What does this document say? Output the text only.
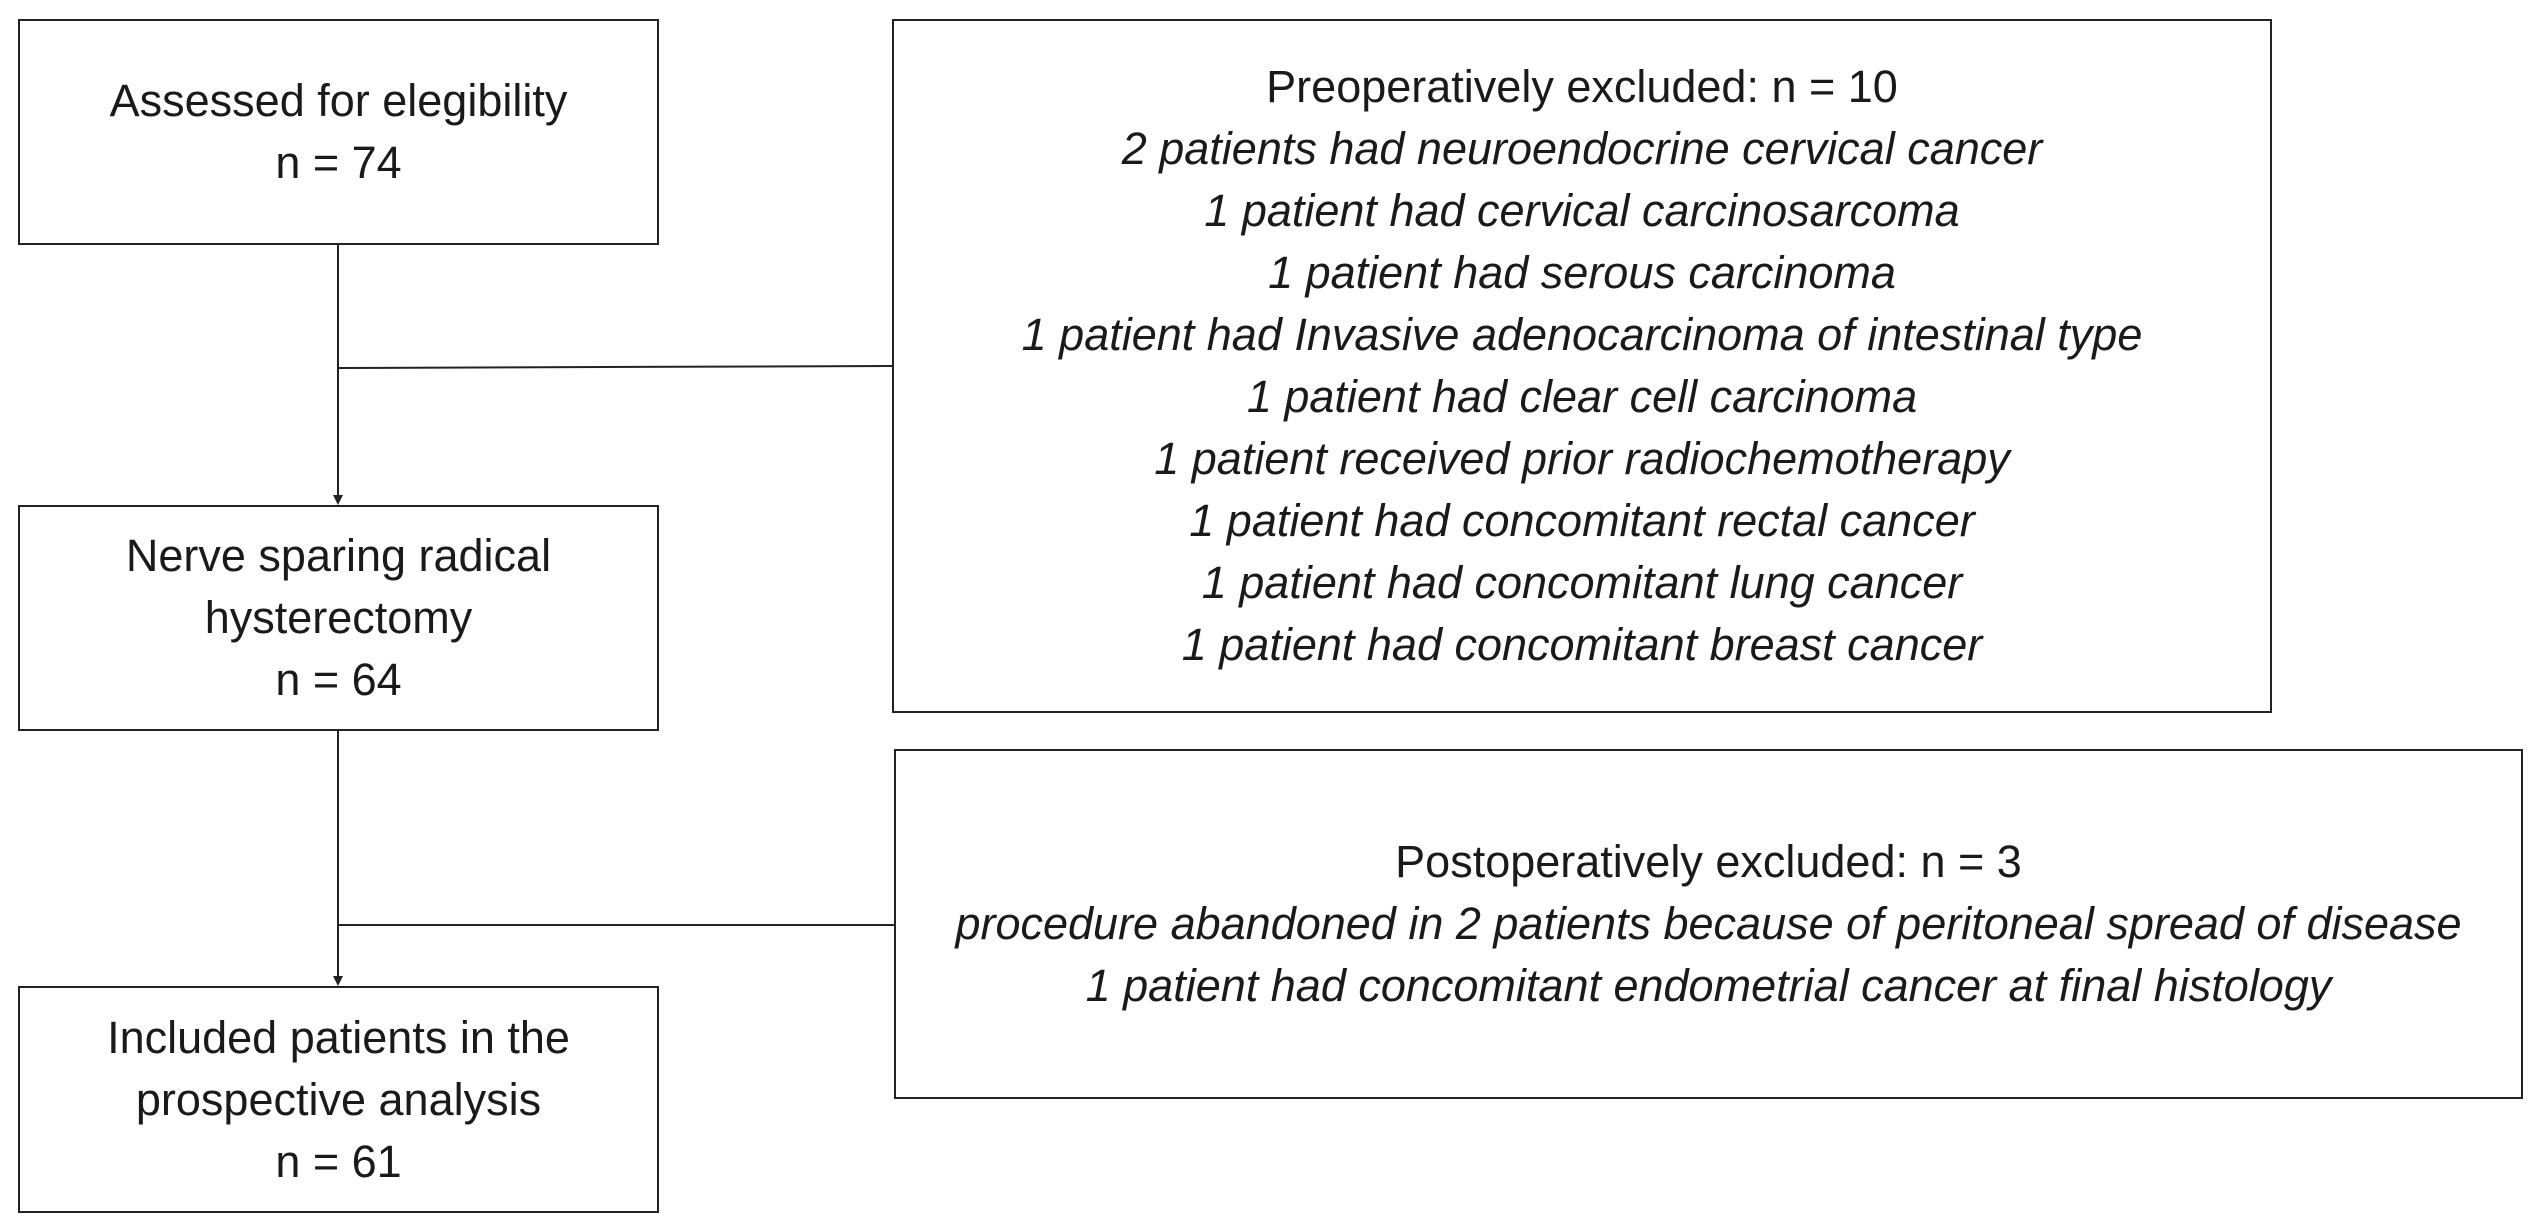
Assessed for elegibility
n = 74
Nerve sparing radical
hysterectomy
n = 64
Included patients in the
prospective analysis
n = 61
Preoperatively excluded: n = 10
2 patients had neuroendocrine cervical cancer
1 patient had cervical carcinosarcoma
1 patient had serous carcinoma
1 patient had Invasive adenocarcinoma of intestinal type
1 patient had clear cell carcinoma
1 patient received prior radiochemotherapy
1 patient had concomitant rectal cancer
1 patient had concomitant lung cancer
1 patient had concomitant breast cancer
Postoperatively excluded: n = 3
procedure abandoned in 2 patients because of peritoneal spread of disease
1 patient had concomitant endometrial cancer at final histology
